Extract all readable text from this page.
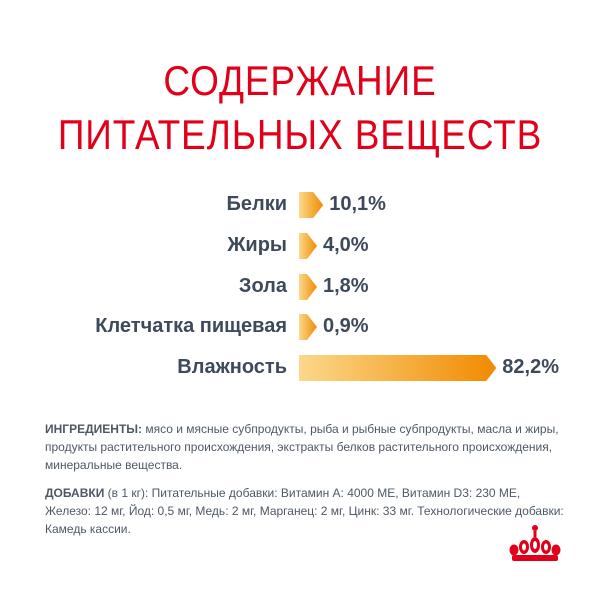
СОДЕРЖАНИЕ
ПИТАТЕЛЬНЫХ ВЕЩЕСТВ
Белки 10,1%
Жиры 4,0%
Зола 1,8%
Клетчатка пищевая 0,9%
Влажность	82,2%
ИНГРЕДИЕНТЫ: мясо и мясные субпродукты, рыба и рыбные субпродукты, масла и жиры, продукты растительного происхождения, экстракты белков растительного происхождения, минеральные вещества.
ДОБАВКИ (в 1 кг): Питательные добавки: Витамин А: 4000 МЕ, Витамин D3: 230 МЕ, Железо: 12 мг, Йод: 0,5 мг, Медь: 2 мг, Марганец: 2 мг, Цинк: 33 мг. Технологические добавки: Камедь кассии.
